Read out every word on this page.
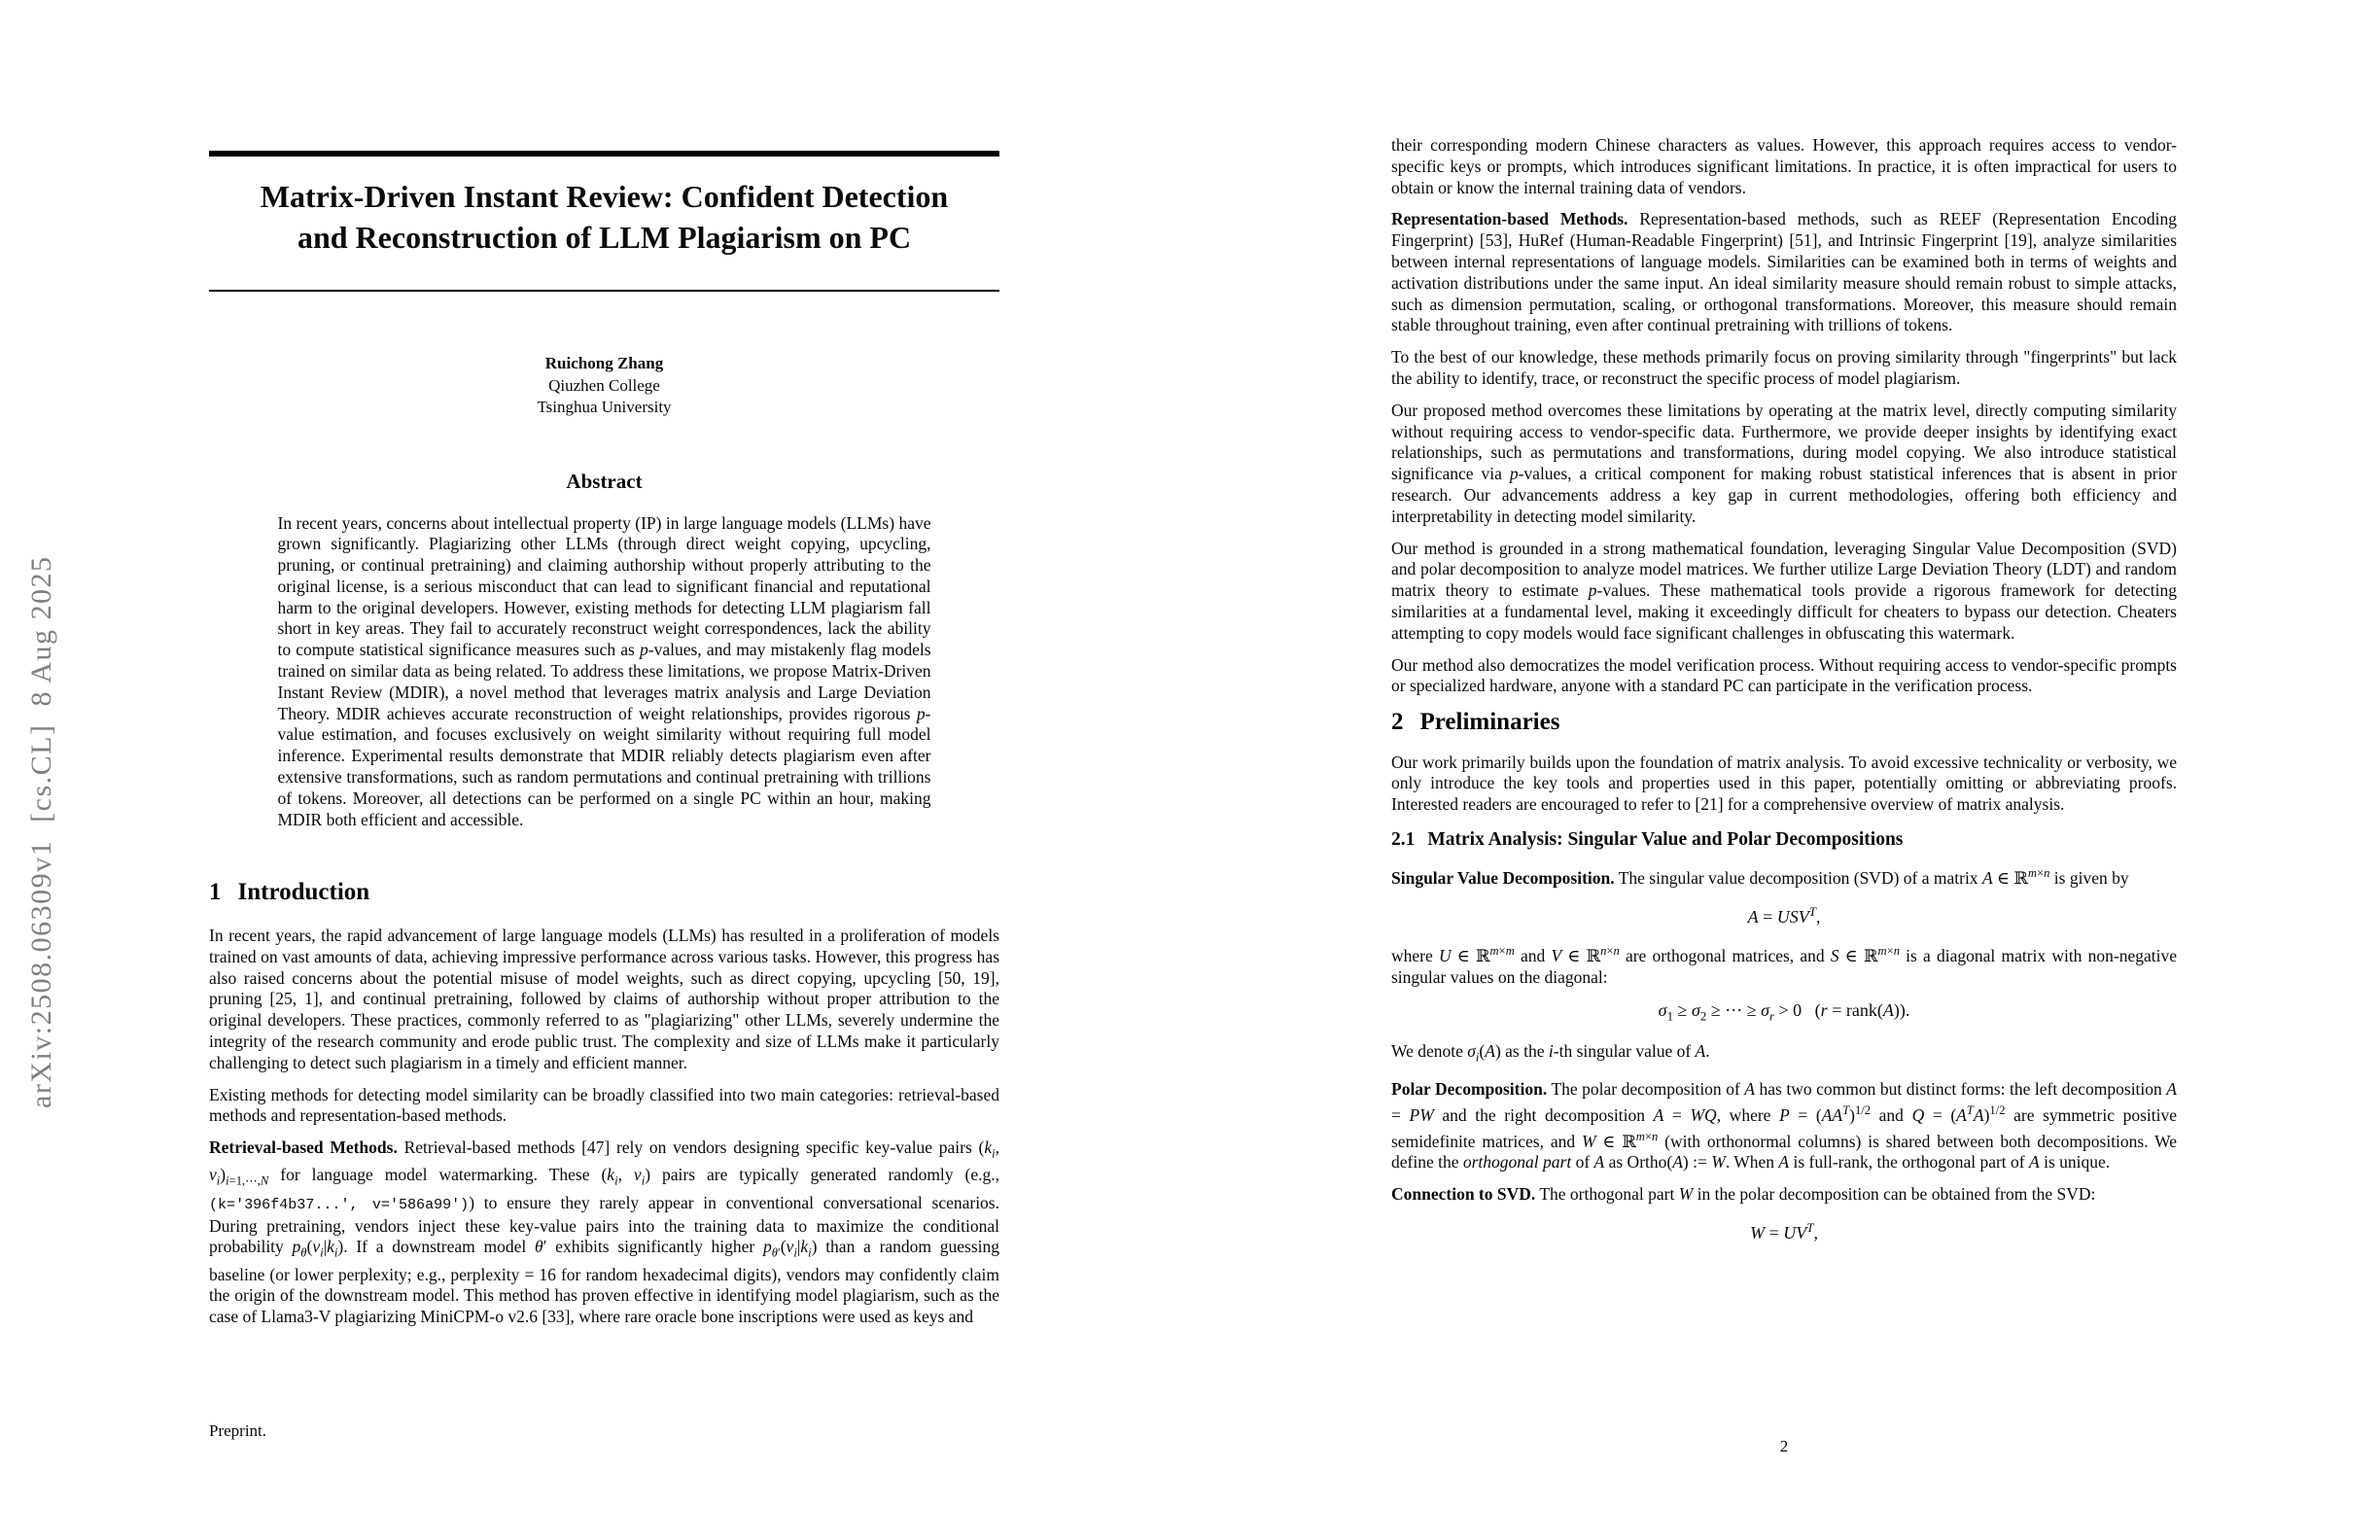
arXiv:2508.06309v1  [cs.CL]  8 Aug 2025
Matrix-Driven Instant Review: Confident Detection
and Reconstruction of LLM Plagiarism on PC
Ruichong Zhang
Qiuzhen College
Tsinghua University
Abstract

In recent years, concerns about intellectual property (IP) in large language models (LLMs) have grown significantly. Plagiarizing other LLMs (through direct weight copying, upcycling, pruning, or continual pretraining) and claiming authorship without properly attributing to the original license, is a serious misconduct that can lead to significant financial and reputational harm to the original developers. However, existing methods for detecting LLM plagiarism fall short in key areas. They fail to accurately reconstruct weight correspondences, lack the ability to compute statistical significance measures such as p-values, and may mistakenly flag models trained on similar data as being related. To address these limitations, we propose Matrix-Driven Instant Review (MDIR), a novel method that leverages matrix analysis and Large Deviation Theory. MDIR achieves accurate reconstruction of weight relationships, provides rigorous p-value estimation, and focuses exclusively on weight similarity without requiring full model inference. Experimental results demonstrate that MDIR reliably detects plagiarism even after extensive transformations, such as random permutations and continual pretraining with trillions of tokens. Moreover, all detections can be performed on a single PC within an hour, making MDIR both efficient and accessible.

1 Introduction

In recent years, the rapid advancement of large language models (LLMs) has resulted in a proliferation of models trained on vast amounts of data, achieving impressive performance across various tasks. However, this progress has also raised concerns about the potential misuse of model weights, such as direct copying, upcycling [50, 19], pruning [25, 1], and continual pretraining, followed by claims of authorship without proper attribution to the original developers. These practices, commonly referred to as "plagiarizing" other LLMs, severely undermine the integrity of the research community and erode public trust. The complexity and size of LLMs make it particularly challenging to detect such plagiarism in a timely and efficient manner.

Existing methods for detecting model similarity can be broadly classified into two main categories: retrieval-based methods and representation-based methods.

Retrieval-based Methods. Retrieval-based methods [47] rely on vendors designing specific key-value pairs ($k_i$, $v_i)_{i=1,\cdots,N}$ for language model watermarking. These ($k_i$, $v_i$) pairs are typically generated randomly (e.g., (k='396f4b37...', v='586a99')) to ensure they rarely appear in conventional conversational scenarios. During pretraining, vendors inject these key-value pairs into the training data to maximize the conditional probability $p_\theta(v_i|k_i)$. If a downstream model θ′ exhibits significantly higher $p_{\theta'}(v_i|k_i)$ than a random guessing baseline (or lower perplexity; e.g., perplexity = 16 for random hexadecimal digits), vendors may confidently claim the origin of the downstream model. This method has proven effective in identifying model plagiarism, such as the case of Llama3-V plagiarizing MiniCPM-o v2.6 [33], where rare oracle bone inscriptions were used as keys and

Preprint.

their corresponding modern Chinese characters as values. However, this approach requires access to vendor-specific keys or prompts, which introduces significant limitations. In practice, it is often impractical for users to obtain or know the internal training data of vendors.

Representation-based Methods. Representation-based methods, such as REEF (Representation Encoding Fingerprint) [53], HuRef (Human-Readable Fingerprint) [51], and Intrinsic Fingerprint [19], analyze similarities between internal representations of language models. Similarities can be examined both in terms of weights and activation distributions under the same input. An ideal similarity measure should remain robust to simple attacks, such as dimension permutation, scaling, or orthogonal transformations. Moreover, this measure should remain stable throughout training, even after continual pretraining with trillions of tokens.

To the best of our knowledge, these methods primarily focus on proving similarity through "fingerprints" but lack the ability to identify, trace, or reconstruct the specific process of model plagiarism.

Our proposed method overcomes these limitations by operating at the matrix level, directly computing similarity without requiring access to vendor-specific data. Furthermore, we provide deeper insights by identifying exact relationships, such as permutations and transformations, during model copying. We also introduce statistical significance via p-values, a critical component for making robust statistical inferences that is absent in prior research. Our advancements address a key gap in current methodologies, offering both efficiency and interpretability in detecting model similarity.

Our method is grounded in a strong mathematical foundation, leveraging Singular Value Decomposition (SVD) and polar decomposition to analyze model matrices. We further utilize Large Deviation Theory (LDT) and random matrix theory to estimate p-values. These mathematical tools provide a rigorous framework for detecting similarities at a fundamental level, making it exceedingly difficult for cheaters to bypass our detection. Cheaters attempting to copy models would face significant challenges in obfuscating this watermark.

Our method also democratizes the model verification process. Without requiring access to vendor-specific prompts or specialized hardware, anyone with a standard PC can participate in the verification process.

2 Preliminaries

Our work primarily builds upon the foundation of matrix analysis. To avoid excessive technicality or verbosity, we only introduce the key tools and properties used in this paper, potentially omitting or abbreviating proofs. Interested readers are encouraged to refer to [21] for a comprehensive overview of matrix analysis.

2.1 Matrix Analysis: Singular Value and Polar Decompositions

Singular Value Decomposition. The singular value decomposition (SVD) of a matrix A ∈ ℝ$^{m\times n}$ is given by

$A = USV^T$,

where U ∈ ℝ$^{m\times m}$ and V ∈ ℝ$^{n\times n}$ are orthogonal matrices, and S ∈ ℝ$^{m\times n}$ is a diagonal matrix with non-negative singular values on the diagonal:

$\sigma_1 \ge \sigma_2$ ≥ ⋯ ≥ $\sigma_r > 0$   (r = rank(A)).

We denote $\sigma_i(A)$ as the i-th singular value of A.

Polar Decomposition. The polar decomposition of A has two common but distinct forms: the left decomposition A = PW and the right decomposition A = WQ, where $P = (AA^T)^{1/2}$ and $Q = (A^TA)^{1/2}$ are symmetric positive semidefinite matrices, and W ∈ ℝ$^{m\times n}$ (with orthonormal columns) is shared between both decompositions. We define the orthogonal part of A as Ortho(A) := W. When A is full-rank, the orthogonal part of A is unique.

Connection to SVD. The orthogonal part W in the polar decomposition can be obtained from the SVD:

$W = UV^T$,
2
